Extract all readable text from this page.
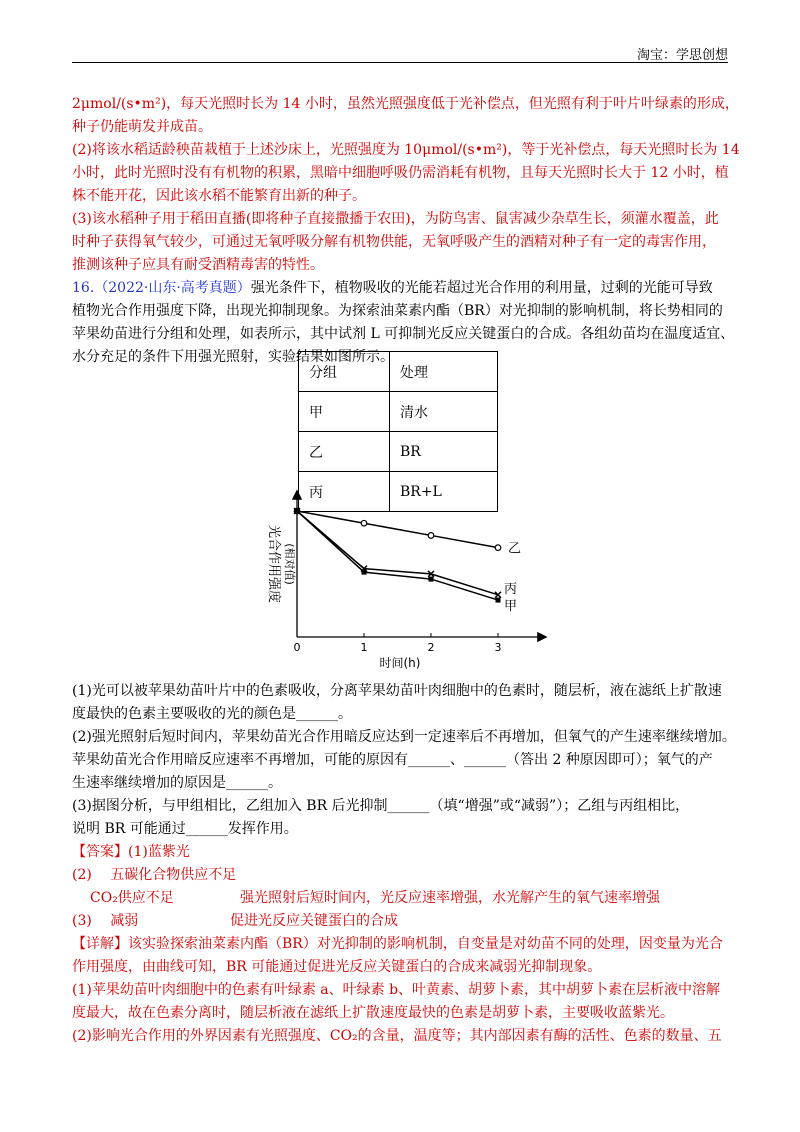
淘宝：学思创想
2μmol/(s•m²)，每天光照时长为 14 小时，虽然光照强度低于光补偿点，但光照有利于叶片叶绿素的形成，
种子仍能萌发并成苗。
(2)将该水稻适龄秧苗栽植于上述沙床上，光照强度为 10μmol/(s•m²)，等于光补偿点，每天光照时长为 14
小时，此时光照时没有有机物的积累，黑暗中细胞呼吸仍需消耗有机物，且每天光照时长大于 12 小时，植
株不能开花，因此该水稻不能繁育出新的种子。
(3)该水稻种子用于稻田直播(即将种子直接撒播于农田)，为防鸟害、鼠害减少杂草生长，须灌水覆盖，此
时种子获得氧气较少，可通过无氧呼吸分解有机物供能，无氧呼吸产生的酒精对种子有一定的毒害作用，
推测该种子应具有耐受酒精毒害的特性。
16.（2022·山东·高考真题）强光条件下，植物吸收的光能若超过光合作用的利用量，过剩的光能可导致
植物光合作用强度下降，出现光抑制现象。为探索油菜素内酯（BR）对光抑制的影响机制，将长势相同的
苹果幼苗进行分组和处理，如表所示，其中试剂 L 可抑制光反应关键蛋白的合成。各组幼苗均在温度适宜、
水分充足的条件下用强光照射，实验结果如图所示。
分组	处理
甲	清水
乙	BR
丙	BR+L
光合作用强度 (相对值)
时间(h)
0	1	2	3
乙
丙
甲
(1)光可以被苹果幼苗叶片中的色素吸收，分离苹果幼苗叶肉细胞中的色素时，随层析，液在滤纸上扩散速
度最快的色素主要吸收的光的颜色是______。
(2)强光照射后短时间内，苹果幼苗光合作用暗反应达到一定速率后不再增加，但氧气的产生速率继续增加。
苹果幼苗光合作用暗反应速率不再增加，可能的原因有______、______（答出 2 种原因即可）；氧气的产
生速率继续增加的原因是______。
(3)据图分析，与甲组相比，乙组加入 BR 后光抑制______（填“增强”或“减弱”）；乙组与丙组相比，
说明 BR 可能通过______发挥作用。
【答案】(1)蓝紫光
(2)　 五碳化合物供应不足
CO₂供应不足	强光照射后短时间内，光反应速率增强，水光解产生的氧气速率增强
(3)　 减弱	促进光反应关键蛋白的合成
【详解】该实验探索油菜素内酯（BR）对光抑制的影响机制，自变量是对幼苗不同的处理，因变量为光合
作用强度，由曲线可知，BR 可能通过促进光反应关键蛋白的合成来减弱光抑制现象。
(1)苹果幼苗叶肉细胞中的色素有叶绿素 a、叶绿素 b、叶黄素、胡萝卜素，其中胡萝卜素在层析液中溶解
度最大，故在色素分离时，随层析液在滤纸上扩散速度最快的色素是胡萝卜素，主要吸收蓝紫光。
(2)影响光合作用的外界因素有光照强度、CO₂的含量，温度等；其内部因素有酶的活性、色素的数量、五
